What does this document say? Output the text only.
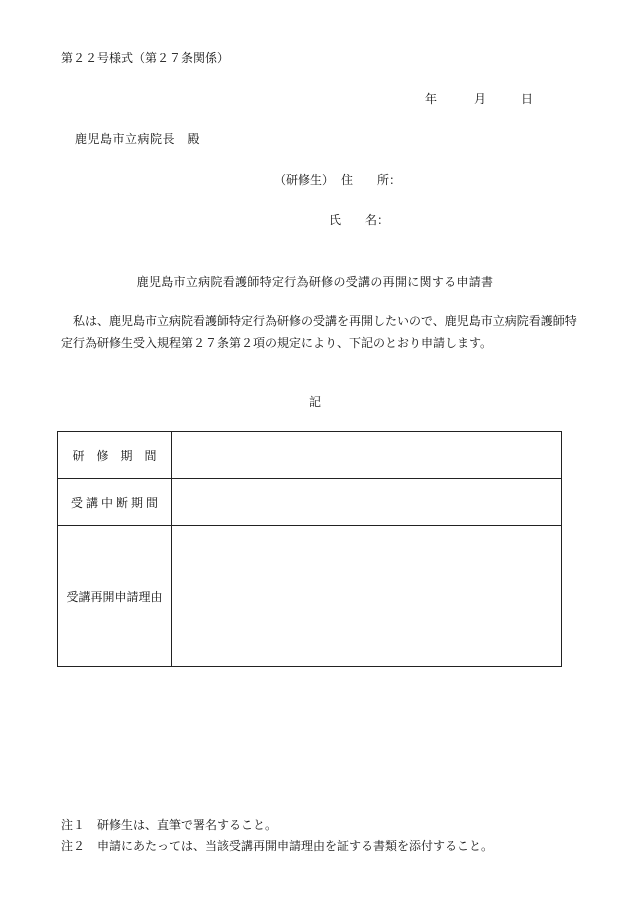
第２２号様式（第２７条関係）
年	月	日
鹿児島市立病院長　殿
（研修生） 住　　所：
氏　　名：
鹿児島市立病院看護師特定行為研修の受講の再開に関する申請書
私は、鹿児島市立病院看護師特定行為研修の受講を再開したいので、鹿児島市立病院看護師特定行為研修生受入規程第２７条第２項の規定により、下記のとおり申請します。
記
研修期間	
受講中断期間	
受講再開申請理由	
注１　研修生は、直筆で署名すること。
注２　申請にあたっては、当該受講再開申請理由を証する書類を添付すること。
